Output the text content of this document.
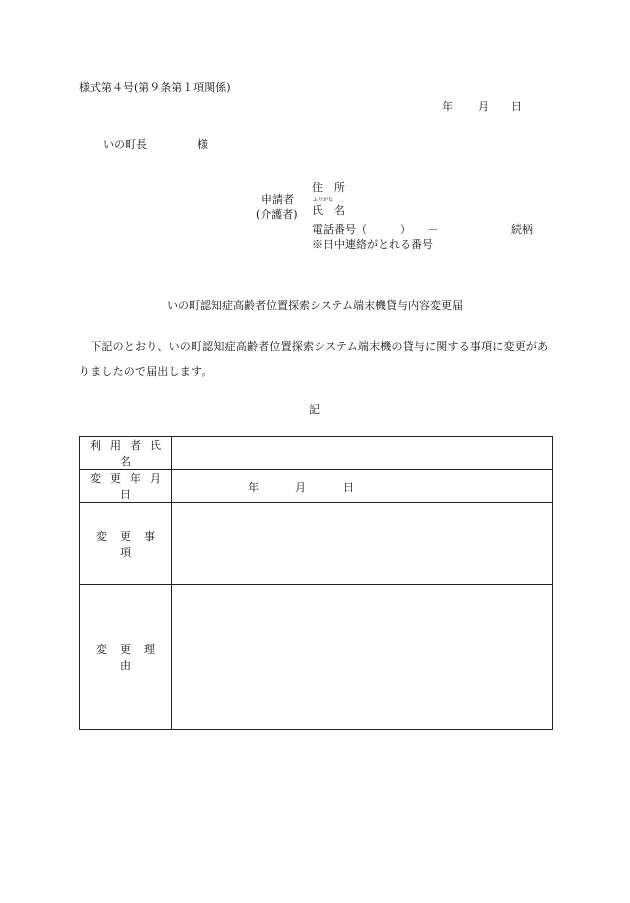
様式第４号(第９条第１項関係)
年 月 日
いの町長	様
申請者
(介護者)
住　所
ふりがな
氏　名
電話番号（　　　）　　－	続柄
※日中連絡がとれる番号
いの町認知症高齢者位置探索システム端末機貸与内容変更届
　下記のとおり、いの町認知症高齢者位置探索システム端末機の貸与に関する事項に変更がありましたので届出します。
記
利用者氏名	
変更年月日	年 月 日

変更事項	
変更理由	
